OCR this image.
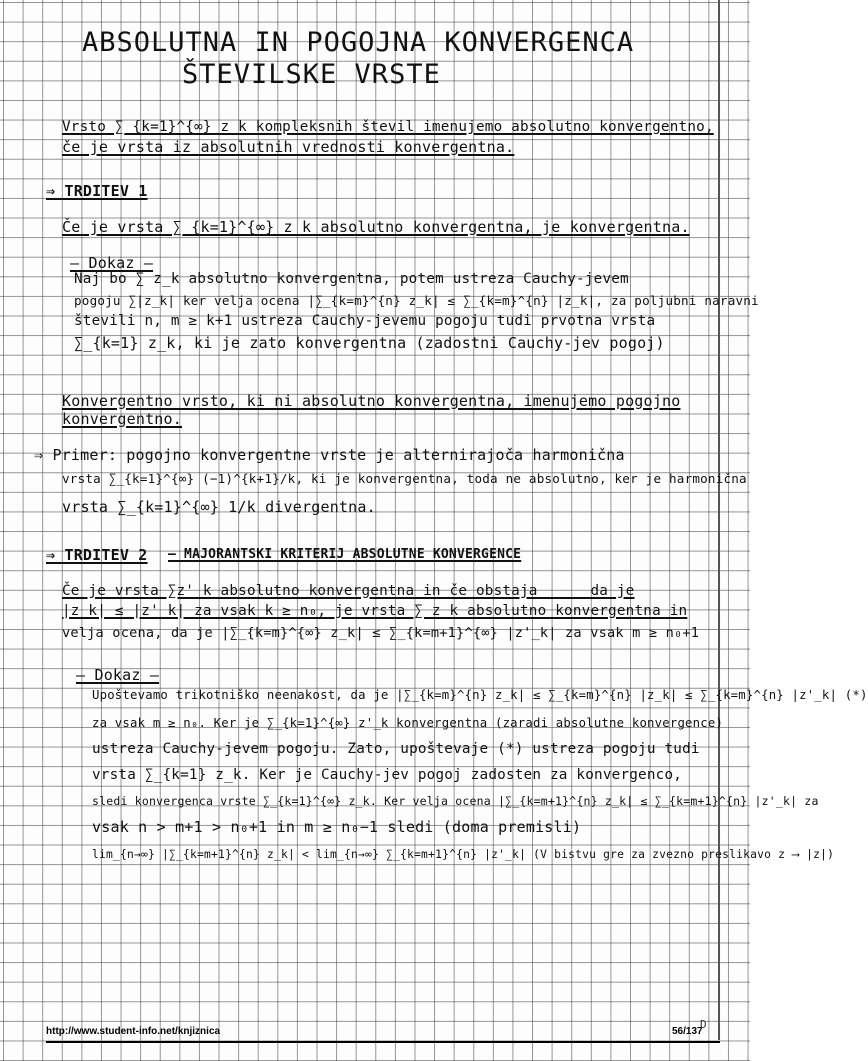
ABSOLUTNA IN POGOJNA KONVERGENCA
ŠTEVILSKE VRSTE
Vrsto ∑_{k=1}^{∞} z_k kompleksnih števil imenujemo absolutno konvergentno,
če je vrsta iz absolutnih vrednosti konvergentna.
⇒ TRDITEV 1
Če je vrsta ∑_{k=1}^{∞} z_k absolutno konvergentna, je konvergentna.
– Dokaz –
Naj bo ∑ z_k absolutno konvergentna, potem ustreza Cauchy-jevem
pogoju ∑|z_k| ker velja ocena |∑_{k=m}^{n} z_k| ≤ ∑_{k=m}^{n} |z_k|, za poljubni naravni
števili n, m ≥ k+1 ustreza Cauchy-jevemu pogoju tudi prvotna vrsta
∑_{k=1} z_k, ki je zato konvergentna (zadostni Cauchy-jev pogoj)
Konvergentno vrsto, ki ni absolutno konvergentna, imenujemo pogojno
konvergentno.
⇒ Primer: pogojno konvergentne vrste je alternirajoča harmonična
vrsta ∑_{k=1}^{∞} (−1)^{k+1}/k, ki je konvergentna, toda ne absolutno, ker je harmonična
vrsta ∑_{k=1}^{∞} 1/k divergentna.
⇒ TRDITEV 2 – MAJORANTSKI KRITERIJ ABSOLUTNE KONVERGENCE
Če je vrsta ∑z'_k absolutno konvergentna in če obstaja ____ da je
|z_k| ≤ |z'_k| za vsak k ≥ n₀, je vrsta ∑ z_k absolutno konvergentna in
velja ocena, da je |∑_{k=m}^{∞} z_k| ≤ ∑_{k=m+1}^{∞} |z'_k| za vsak m ≥ n₀+1
– Dokaz –
Upoštevamo trikotniško neenakost, da je |∑_{k=m}^{n} z_k| ≤ ∑_{k=m}^{n} |z_k| ≤ ∑_{k=m}^{n} |z'_k| (*)
za vsak m ≥ n₀. Ker je ∑_{k=1}^{∞} z'_k konvergentna (zaradi absolutne konvergence)
ustreza Cauchy-jevem pogoju. Zato, upoštevaje (*) ustreza pogoju tudi
vrsta ∑_{k=1} z_k. Ker je Cauchy-jev pogoj zadosten za konvergenco,
sledi konvergenca vrste ∑_{k=1}^{∞} z_k. Ker velja ocena |∑_{k=m+1}^{n} z_k| ≤ ∑_{k=m+1}^{n} |z'_k| za
vsak n > m+1 > n₀+1 in m ≥ n₀−1 sledi (doma premisli)
lim_{n→∞} |∑_{k=m+1}^{n} z_k| < lim_{n→∞} ∑_{k=m+1}^{n} |z'_k| (V bistvu gre za zvezno preslikavo z ⟶ |z|)
http://www.student-info.net/knjiznica	56/137
D
